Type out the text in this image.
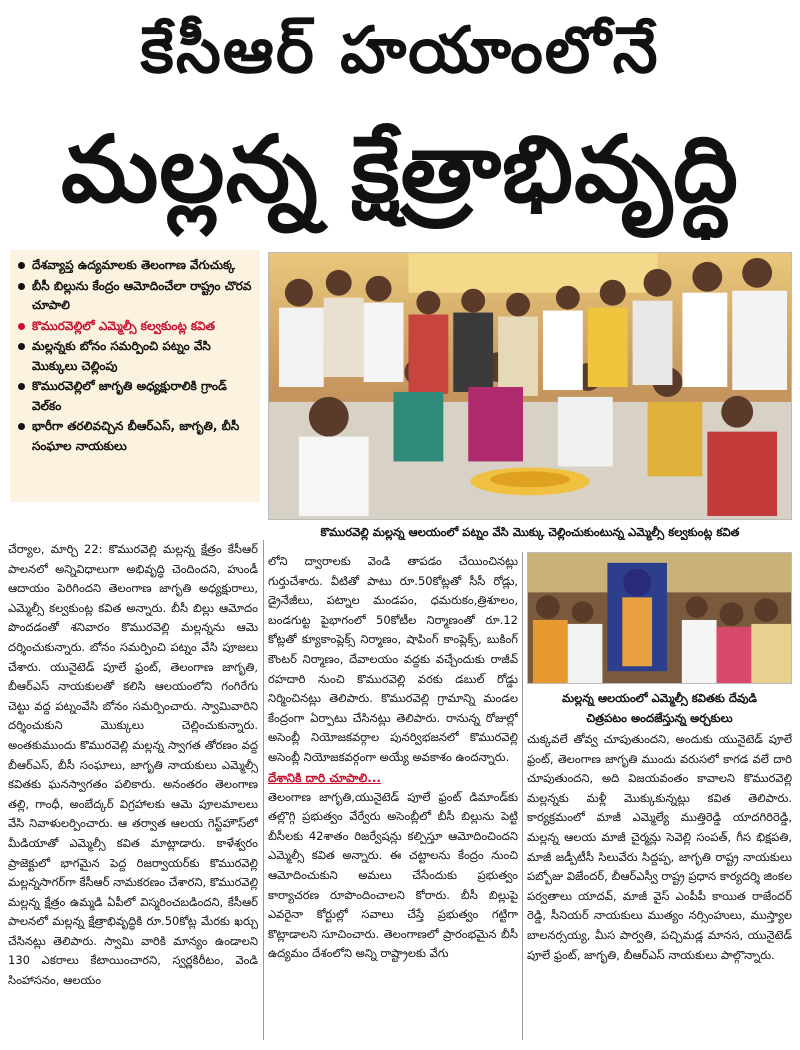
కేసీఆర్ హయాంలోనే
మల్లన్న క్షేత్రాభివృద్ధి
దేశవ్యాప్త ఉద్యమాలకు తెలంగాణ వేగుచుక్క
బీసీ బిల్లును కేంద్రం ఆమోదించేలా రాష్ట్రం చొరవ చూపాలి
కొమురవెల్లిలో ఎమ్మెల్సీ కల్వకుంట్ల కవిత
మల్లన్నకు బోనం సమర్పించి పట్నం వేసి మొక్కులు చెల్లింపు
కొమురవెల్లిలో జాగృతి అధ్యక్షురాలికి గ్రాండ్ వెల్‌కం
భారీగా తరలివచ్చిన బీఆర్ఎస్, జాగృతి, బీసీ సంఘాల నాయకులు
కొమురవెల్లి మల్లన్న ఆలయంలో పట్నం వేసి మొక్కు చెల్లించుకుంటున్న ఎమ్మెల్సీ కల్వకుంట్ల కవిత
మల్లన్న ఆలయంలో ఎమ్మెల్సీ కవితకు దేవుడి
చిత్రపటం అందజేస్తున్న అర్చకులు

చేర్యాల, మార్చి 22: కొమురవెల్లి మల్లన్న క్షేత్రం కేసీఆర్ పాలనలో అన్నివిధాలుగా అభివృద్ధి చెందిందని, హుండీ ఆదాయం పెరిగిందని తెలంగాణ జాగృతి అధ్యక్షురాలు, ఎమ్మెల్సీ కల్వకుంట్ల కవిత అన్నారు. బీసీ బిల్లు ఆమోదం పొందడంతో శనివారం కొమురవెల్లి మల్లన్నను ఆమె దర్శించుకున్నారు. బోనం సమర్పించి పట్నం వేసి పూజలు చేశారు. యునైటెడ్ పూలే ఫ్రంట్, తెలంగాణ జాగృతి, బీఆర్ఎస్ నాయకులతో కలిసి ఆలయంలోని గంగిరేగు చెట్టు వద్ద పట్నంవేసి బోనం సమర్పించారు. స్వామివారిని దర్శించుకుని మొక్కులు చెల్లించుకున్నారు. అంతకుముందు కొమురవెల్లి మల్లన్న స్వాగత తోరణం వద్ద బీఆర్ఎస్, బీసీ సంఘాలు, జాగృతి నాయకులు ఎమ్మెల్సీ కవితకు ఘనస్వాగతం పలికారు. అనంతరం తెలంగాణ తల్లి, గాంధీ, అంబేద్కర్ విగ్రహాలకు ఆమె పూలమాలలు వేసి నివాళులర్పించారు. ఆ తర్వాత ఆలయ గెస్ట్‌హౌస్‌లో మీడియాతో ఎమ్మెల్సీ కవిత మాట్లాడారు. కాళేశ్వరం ప్రాజెక్టులో భాగమైన పెద్ద రిజర్వాయర్‌కు కొమురవెల్లి మల్లన్నసాగర్‌గా కేసీఆర్ నామకరణం చేశారని, కొమురవెల్లి మల్లన్న క్షేత్రం ఉమ్మడి ఏపీలో విస్మరించబడిందని, కేసీఆర్ పాలనలో మల్లన్న క్షేత్రాభివృద్ధికి రూ.50కోట్ల మేరకు ఖర్చు చేసినట్లు తెలిపారు. స్వామి వారికి మాన్యం ఉండాలని 130 ఎకరాలు కేటాయించారని, స్వర్ణకిరీటం, వెండి సింహాసనం, ఆలయం

లోని ద్వారాలకు వెండి తాపడం చేయించినట్లు గుర్తుచేశారు. వీటితో పాటు రూ.50కోట్లతో సీసీ రోడ్లు, డ్రైనేజీలు, పట్నాల మండపం, ధమరుకం,త్రిశూలం, బండగుట్ట పైభాగంలో 50కోటీల నిర్మాణంతో రూ.12 కోట్లతో క్యూకాంప్లెక్స్ నిర్మాణం, షాపింగ్ కాంప్లెక్స్, బుకింగ్ కౌంటర్ నిర్మాణం, దేవాలయం వద్దకు వచ్చేందుకు రాజీవ్ రహదారి నుంచి కొమురవెల్లి వరకు డబుల్ రోడ్డు నిర్మించినట్లు తెలిపారు. కొమురవెల్లి గ్రామాన్ని మండల కేంద్రంగా ఏర్పాటు చేసినట్లు తెలిపారు. రానున్న రోజుల్లో అసెంబ్లీ నియోజకవర్గాల పునర్విభజనలో కొమురవెల్లి అసెంబ్లీ నియోజకవర్గంగా అయ్యే అవకాశం ఉందన్నారు.

దేశానికి దారి చూపాలి...

తెలంగాణ జాగృతి,యునైటెడ్ పూలే ఫ్రంట్ డిమాండ్‌కు తల్లొగ్గి ప్రభుత్వం వేర్వేరు అసెంబ్లీలో బీసీ బిల్లును పెట్టి బీసీలకు 42శాతం రిజర్వేషన్లు కల్పిస్తూ ఆమోదించిందని ఎమ్మెల్సీ కవిత అన్నారు. ఈ చట్టాలను కేంద్రం నుంచి ఆమోదించుకుని అమలు చేసేందుకు ప్రభుత్వం కార్యాచరణ రూపొందించాలని కోరారు. బీసీ బిల్లుపై ఎవరైనా కోర్టుల్లో సవాలు చేస్తే ప్రభుత్వం గట్టిగా కొట్లాడాలని సూచించారు. తెలంగాణలో ప్రారంభమైన బీసీ ఉద్యమం దేశంలోని అన్ని రాష్ట్రాలకు వేగు

చుక్కవలే తోవ్వ చూపుతుందని, అందుకు యునైటెడ్ పూలే ఫ్రంట్, తెలంగాణ జాగృతి ముందు వరుసలో కాగడ వలే దారి చూపుతుందని, అది విజయవంతం కావాలని కొమురవెల్లి మల్లన్నకు మళ్లీ మొక్కుకున్నట్లు కవిత తెలిపారు. కార్యక్రమంలో మాజీ ఎమ్మెల్యే ముత్తిరెడ్డి యాదగిరిరెడ్డి, మల్లన్న ఆలయ మాజీ చైర్మన్లు సెవెల్లి సంపత్, గీస భిక్షపతి, మాజీ జడ్పీటీసీ సిలువేరు సిద్దప్ప, జాగృతి రాష్ట్ర నాయకులు పబ్బోజు విజేందర్, బీఆర్ఎస్వీ రాష్ట్ర ప్రధాన కార్యదర్శి జింకల పర్వతాలు యాదవ్, మాజీ వైస్ ఎంపీపీ కాయిత రాజేందర్ రెడ్డి, సీనియర్ నాయకులు ముత్యం నర్సింహులు, ముస్త్యాల బాలనర్సయ్య, మీస పార్వతి, పచ్చిమడ్ల మానస, యునైటెడ్ పూలే ఫ్రంట్, జాగృతి, బీఆర్ఎస్ నాయకులు పాల్గొన్నారు.
